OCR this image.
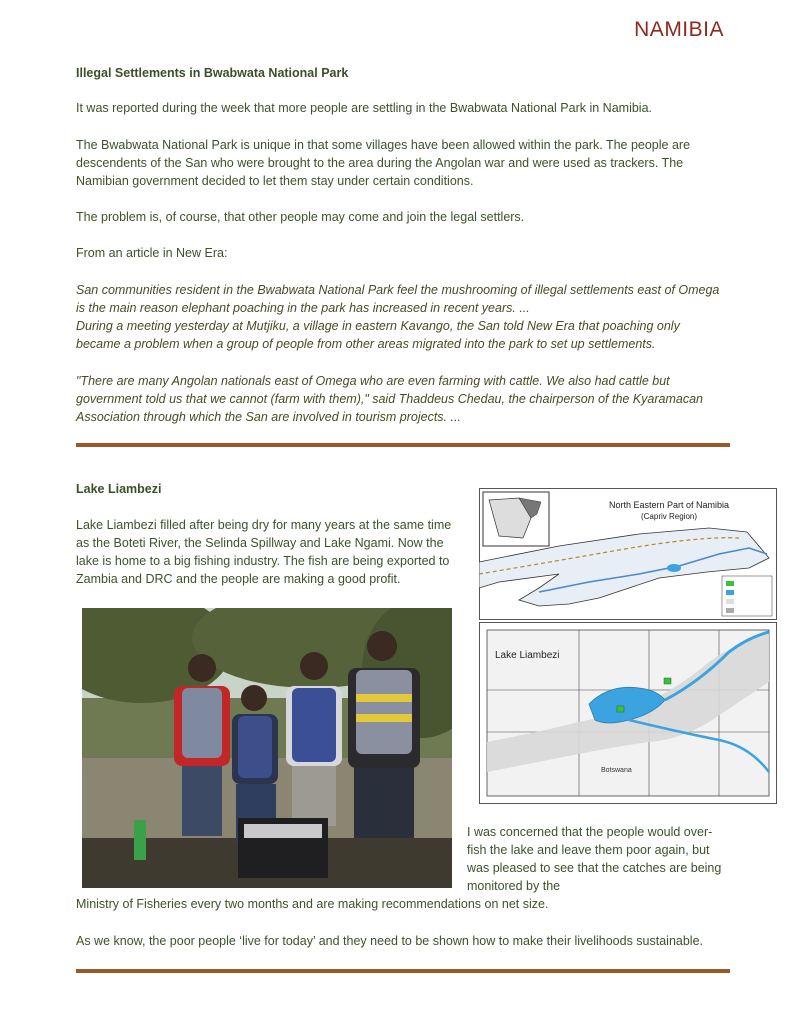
NAMIBIA
Illegal Settlements in Bwabwata National Park

It was reported during the week that more people are settling in the Bwabwata National Park in Namibia.

The Bwabwata National Park is unique in that some villages have been allowed within the park. The people are descendents of the San who were brought to the area during the Angolan war and were used as trackers. The Namibian government decided to let them stay under certain conditions.

The problem is, of course, that other people may come and join the legal settlers.

From an article in New Era:

San communities resident in the Bwabwata National Park feel the mushrooming of illegal settlements east of Omega is the main reason elephant poaching in the park has increased in recent years. ...

During a meeting yesterday at Mutjiku, a village in eastern Kavango, the San told New Era that poaching only became a problem when a group of people from other areas migrated into the park to set up settlements.

"There are many Angolan nationals east of Omega who are even farming with cattle. We also had cattle but government told us that we cannot (farm with them)," said Thaddeus Chedau, the chairperson of the Kyaramacan Association through which the San are involved in tourism projects. ...

Lake Liambezi

Lake Liambezi filled after being dry for many years at the same time as the Boteti River, the Selinda Spillway and Lake Ngami. Now the lake is home to a big fishing industry. The fish are being exported to Zambia and DRC and the people are making a good profit.

North Eastern Part of Namibia
(Capriv Region)
Lake Liambezi
Botswana

I was concerned that the people would over-fish the lake and leave them poor again, but was pleased to see that the catches are being monitored by the

Ministry of Fisheries every two months and are making recommendations on net size.

As we know, the poor people ‘live for today’ and they need to be shown how to make their livelihoods sustainable.
